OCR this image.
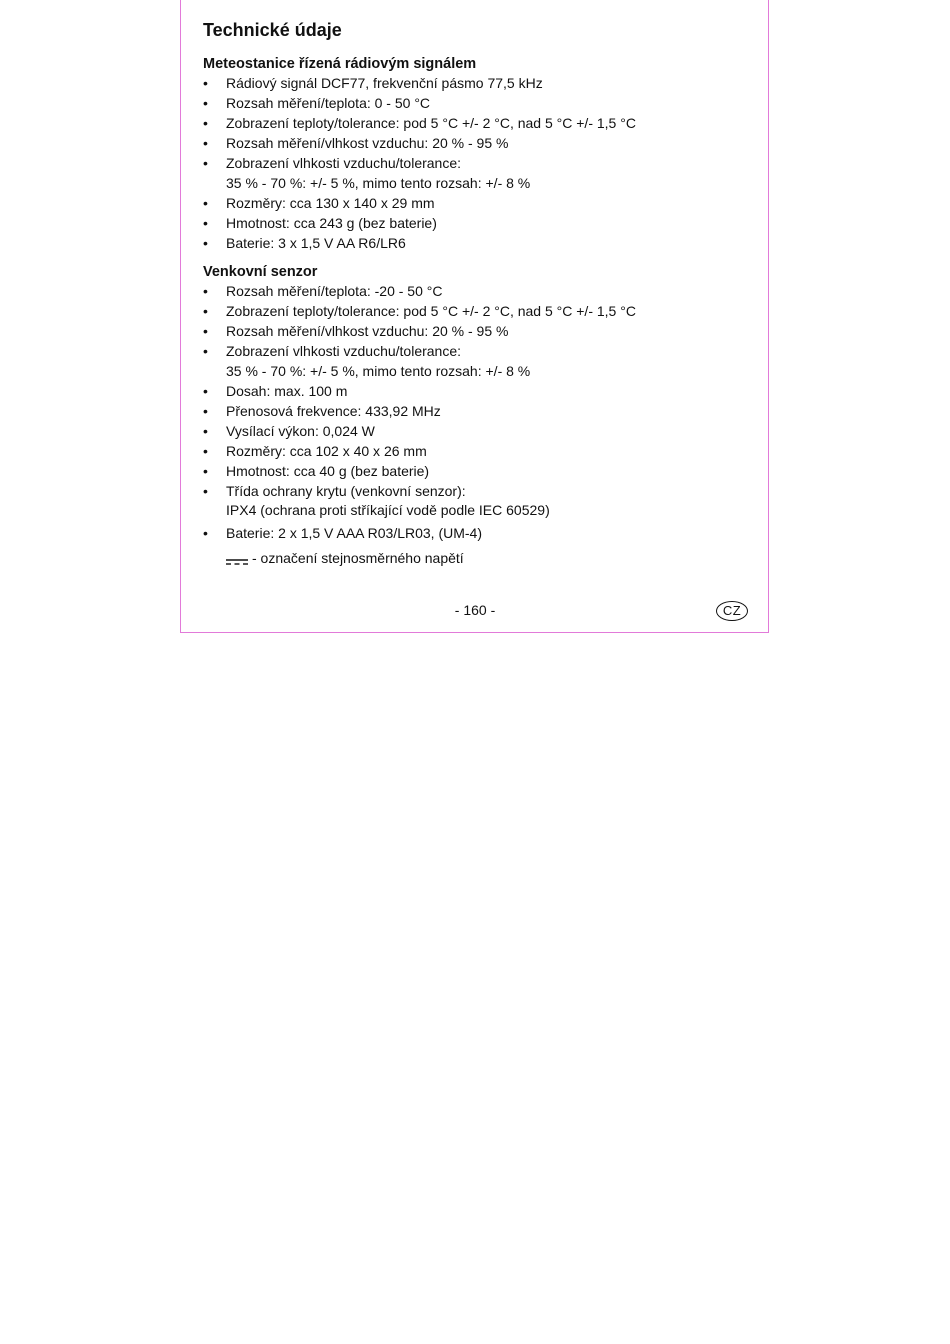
Technické údaje
Meteostanice řízená rádiovým signálem
• Rádiový signál DCF77, frekvenční pásmo 77,5 kHz
• Rozsah měření/teplota: 0 - 50 °C
• Zobrazení teploty/tolerance: pod 5 °C +/- 2 °C, nad 5 °C +/- 1,5 °C
• Rozsah měření/vlhkost vzduchu: 20 % - 95 %
• Zobrazení vlhkosti vzduchu/tolerance:
35 % - 70 %: +/- 5 %, mimo tento rozsah: +/- 8 %
• Rozměry: cca 130 x 140 x 29 mm
• Hmotnost: cca 243 g (bez baterie)
• Baterie: 3 x 1,5 V AA R6/LR6
Venkovní senzor
• Rozsah měření/teplota: -20 - 50 °C
• Zobrazení teploty/tolerance: pod 5 °C +/- 2 °C, nad 5 °C +/- 1,5 °C
• Rozsah měření/vlhkost vzduchu: 20 % - 95 %
• Zobrazení vlhkosti vzduchu/tolerance:
35 % - 70 %: +/- 5 %, mimo tento rozsah: +/- 8 %
• Dosah: max. 100 m
• Přenosová frekvence: 433,92 MHz
• Vysílací výkon: 0,024 W
• Rozměry: cca 102 x 40 x 26 mm
• Hmotnost: cca 40 g (bez baterie)
• Třída ochrany krytu (venkovní senzor):
IPX4 (ochrana proti stříkající vodě podle IEC 60529)
• Baterie: 2 x 1,5 V AAA R03/LR03, (UM-4)
- označení stejnosměrného napětí
- 160 -	CZ
